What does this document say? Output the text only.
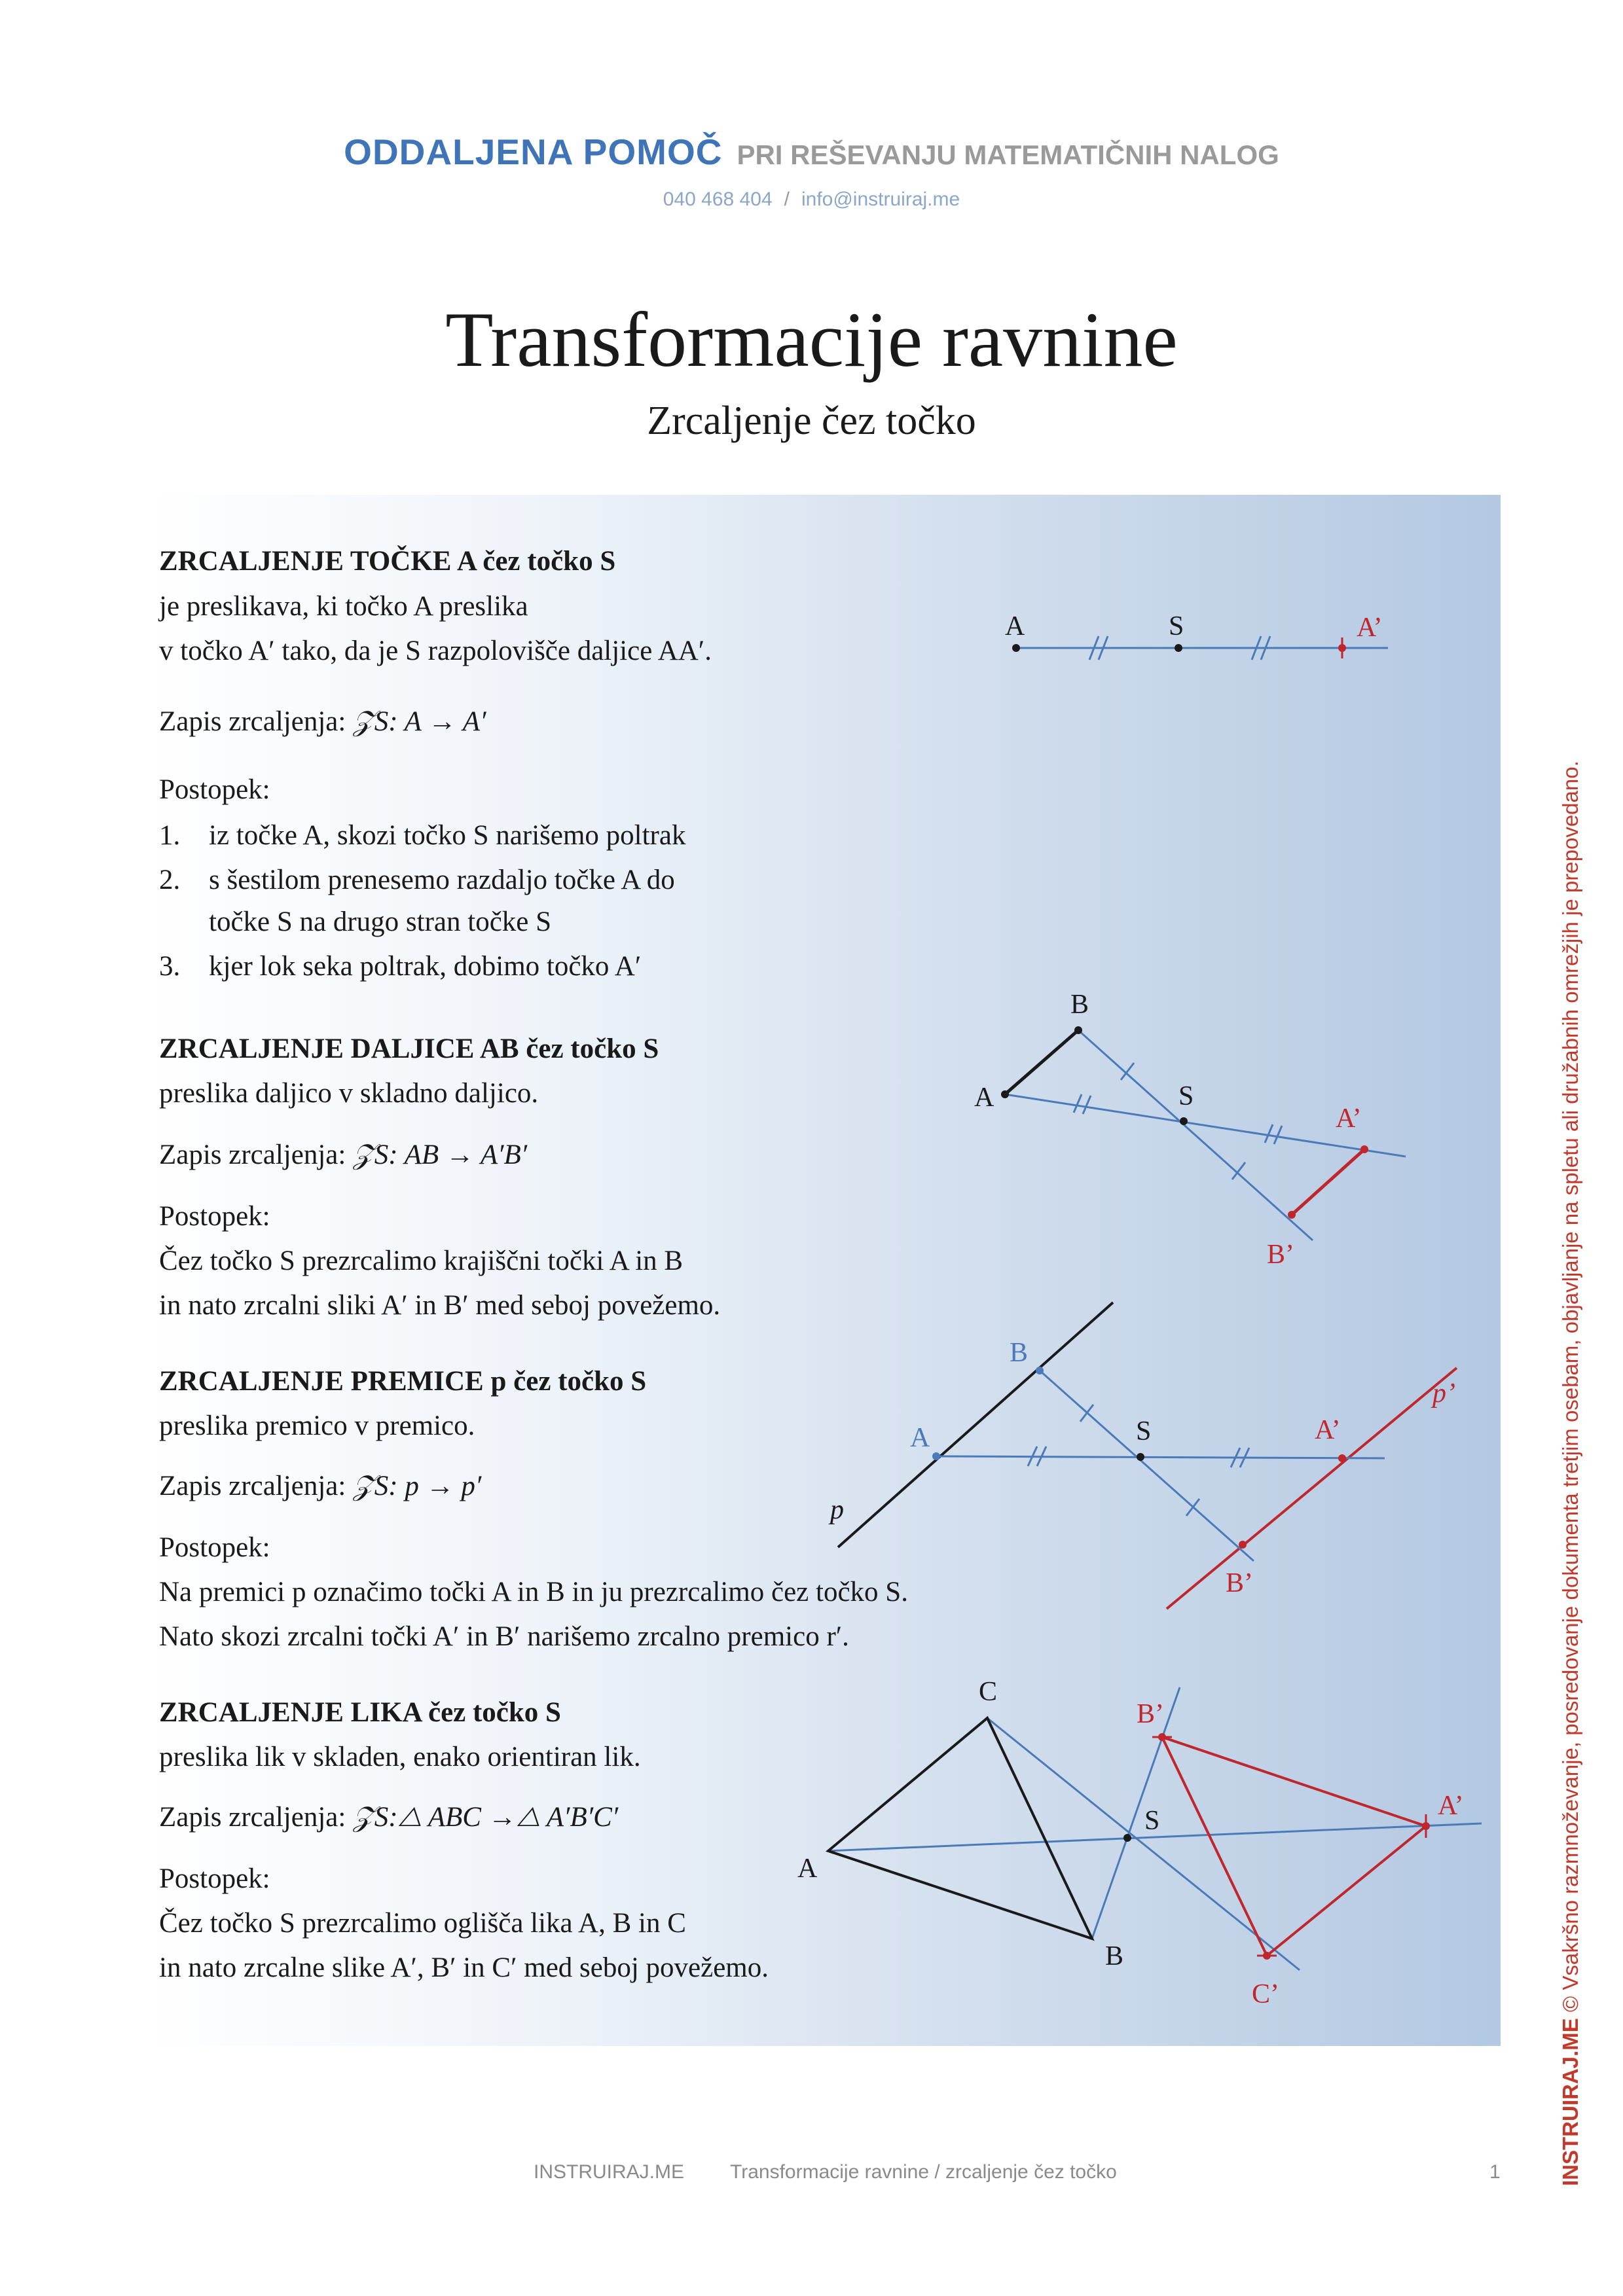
ODDALJENA POMOČ PRI REŠEVANJU MATEMATIČNIH NALOG
040 468 404 / info@instruiraj.me
Transformacije ravnine
Zrcaljenje čez točko
ZRCALJENJE TOČKE A čez točko S
je preslikava, ki točko A preslika
v točko A′ tako, da je S razpolovišče daljice AA′.
Zapis zrcaljenja: 𝒵S: A → A′
Postopek:
1. iz točke A, skozi točko S narišemo poltrak
2. s šestilom prenesemo razdaljo točke A do
točke S na drugo stran točke S
3. kjer lok seka poltrak, dobimo točko A′
ZRCALJENJE DALJICE AB čez točko S
preslika daljico v skladno daljico.
Zapis zrcaljenja: 𝒵S: AB → A′B′
Postopek:
Čez točko S prezrcalimo krajiščni točki A in B
in nato zrcalni sliki A′ in B′ med seboj povežemo.
ZRCALJENJE PREMICE p čez točko S
preslika premico v premico.
Zapis zrcaljenja: 𝒵S: p → p′
Postopek:
Na premici p označimo točki A in B in ju prezrcalimo čez točko S.
Nato skozi zrcalni točki A′ in B′ narišemo zrcalno premico r′.
ZRCALJENJE LIKA čez točko S
preslika lik v skladen, enako orientiran lik.
Zapis zrcaljenja: 𝒵S:△ ABC →△ A′B′C′
Postopek:
Čez točko S prezrcalimo oglišča lika A, B in C
in nato zrcalne slike A′, B′ in C′ med seboj povežemo.
A	S	A’
A
B
S
A’
B’
A
B
S	A’
B’
p
p’
A
B
C
S	A’
B’
C’
INSTRUIRAJ.ME © Vsakršno razmnoževanje, posredovanje dokumenta tretjim osebam, objavljanje na spletu ali družabnih omrežjih je prepovedano.
INSTRUIRAJ.ME Transformacije ravnine / zrcaljenje čez točko	1
